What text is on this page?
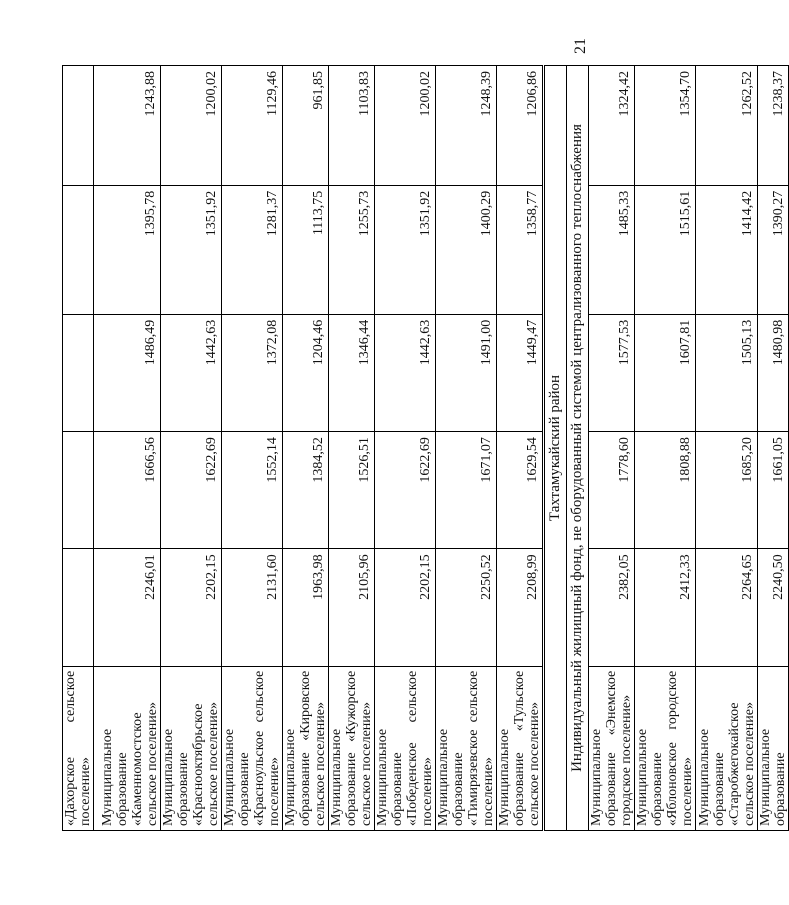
«Дахорское сельское поселение»					
Муниципальное образование «Каменномостское сельское поселение»	2246,01	1666,56	1486,49	1395,78	1243,88
Муниципальное образование «Краснооктябрьское сельское поселение»	2202,15	1622,69	1442,63	1351,92	1200,02
Муниципальное образование «Красноульское сельское поселение»	2131,60	1552,14	1372,08	1281,37	1129,46
Муниципальное образование «Кировское сельское поселение»	1963,98	1384,52	1204,46	1113,75	961,85
Муниципальное образование «Кужорское сельское поселение»	2105,96	1526,51	1346,44	1255,73	1103,83
Муниципальное образование «Победенское сельское поселение»	2202,15	1622,69	1442,63	1351,92	1200,02
Муниципальное образование «Тимирязевское сельское поселение»	2250,52	1671,07	1491,00	1400,29	1248,39
Муниципальное образование «Тульское сельское поселение»	2208,99	1629,54	1449,47	1358,77	1206,86
Тахтамукайский район					
Индивидуальный жилищный фонд, не оборудованный системой централизованного теплоснабжения					
Муниципальное образование «Энемское городское поселение»	2382,05	1778,60	1577,53	1485,33	1324,42
Муниципальное образование «Яблоновское городское поселение»	2412,33	1808,88	1607,81	1515,61	1354,70
Муниципальное образование «Старобжегокайское сельское поселение»	2264,65	1685,20	1505,13	1414,42	1262,52
Муниципальное образование	2240,50	1661,05	1480,98	1390,27	1238,37
21
